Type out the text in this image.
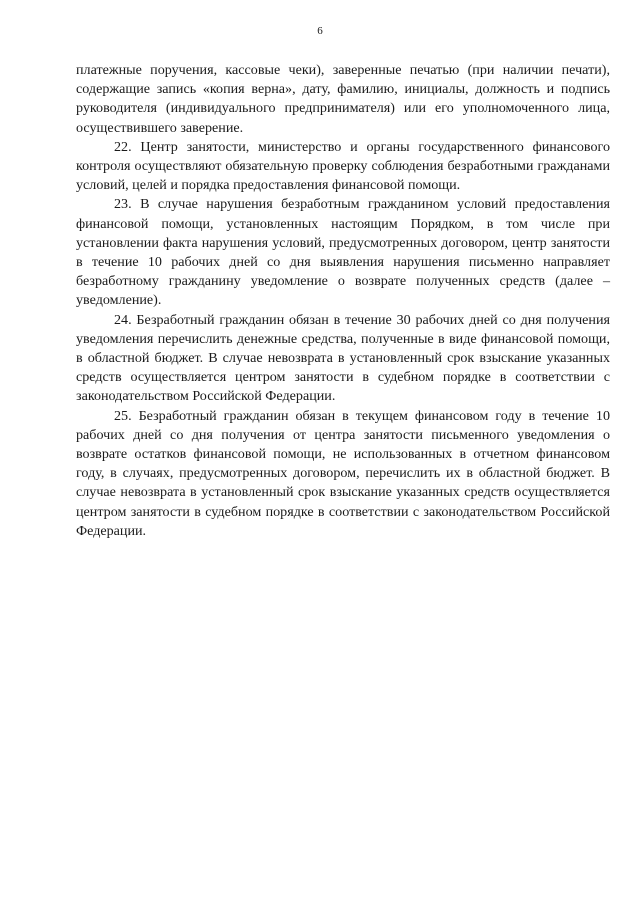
6

платежные поручения, кассовые чеки), заверенные печатью (при наличии печати), содержащие запись «копия верна», дату, фамилию, инициалы, должность и подпись руководителя (индивидуального предпринимателя) или его уполномоченного лица, осуществившего заверение.

22. Центр занятости, министерство и органы государственного финансового контроля осуществляют обязательную проверку соблюдения безработными гражданами условий, целей и порядка предоставления финансовой помощи.

23. В случае нарушения безработным гражданином условий предоставления финансовой помощи, установленных настоящим Порядком, в том числе при установлении факта нарушения условий, предусмотренных договором, центр занятости в течение 10 рабочих дней со дня выявления нарушения письменно направляет безработному гражданину уведомление о возврате полученных средств (далее – уведомление).

24. Безработный гражданин обязан в течение 30 рабочих дней со дня получения уведомления перечислить денежные средства, полученные в виде финансовой помощи, в областной бюджет. В случае невозврата в установленный срок взыскание указанных средств осуществляется центром занятости в судебном порядке в соответствии с законодательством Российской Федерации.

25. Безработный гражданин обязан в текущем финансовом году в течение 10 рабочих дней со дня получения от центра занятости письменного уведомления о возврате остатков финансовой помощи, не использованных в отчетном финансовом году, в случаях, предусмотренных договором, перечислить их в областной бюджет. В случае невозврата в установленный срок взыскание указанных средств осуществляется центром занятости в судебном порядке в соответствии с законодательством Российской Федерации.
